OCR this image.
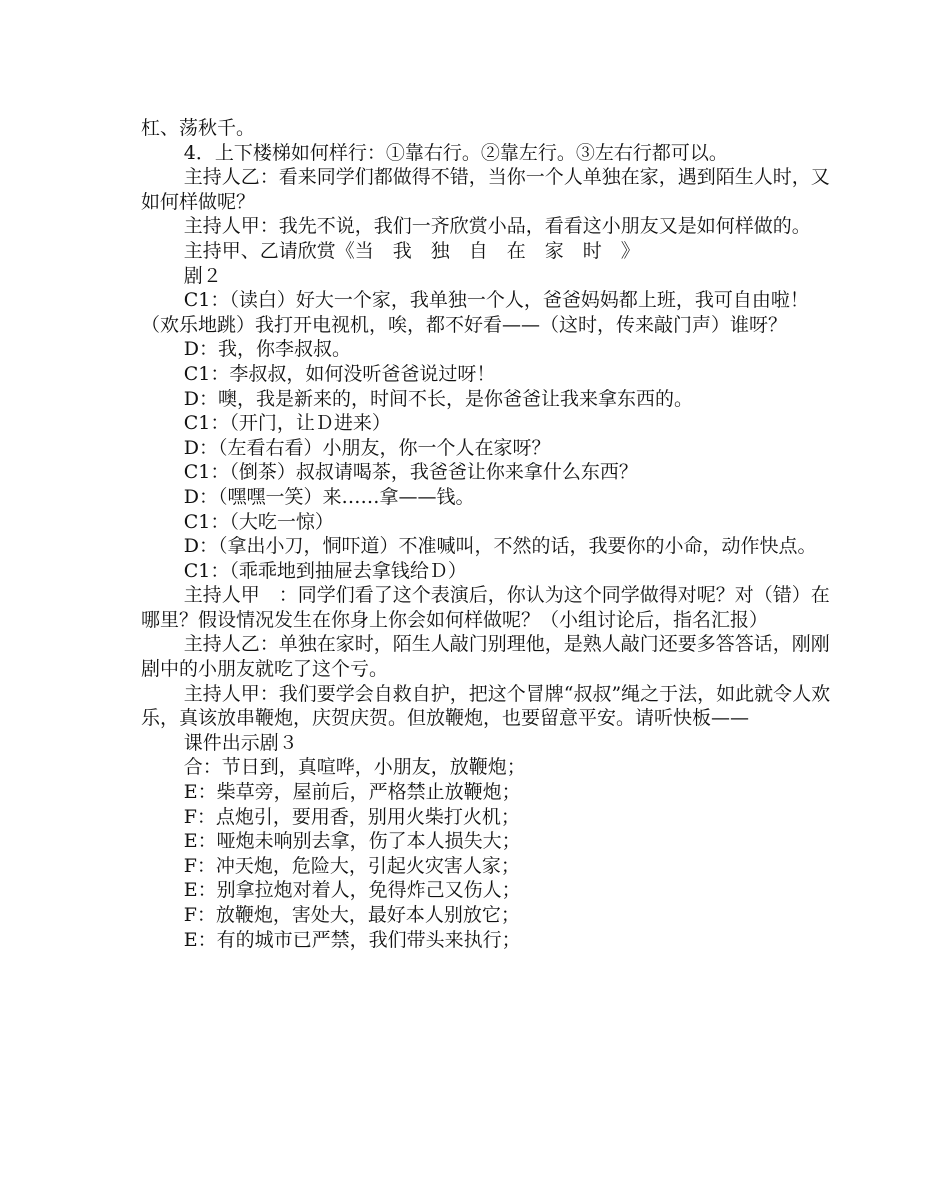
杠、荡秋千。

4．上下楼梯如何样行：①靠右行。②靠左行。③左右行都可以。

主持人乙：看来同学们都做得不错，当你一个人单独在家，遇到陌生人时，又如何样做呢？

主持人甲：我先不说，我们一齐欣赏小品，看看这小朋友又是如何样做的。

主持甲、乙请欣赏《当　我　独　自　在　家　时　》

剧２

C1：（读白）好大一个家，我单独一个人，爸爸妈妈都上班，我可自由啦！（欢乐地跳）我打开电视机，唉，都不好看——（这时，传来敲门声）谁呀？

D：我，你李叔叔。

C1：李叔叔，如何没听爸爸说过呀！

D：噢，我是新来的，时间不长，是你爸爸让我来拿东西的。

C1：（开门，让Ｄ进来）

D：（左看右看）小朋友，你一个人在家呀？

C1：（倒茶）叔叔请喝茶，我爸爸让你来拿什么东西？

D：（嘿嘿一笑）来……拿——钱。

C1：（大吃一惊）

D：（拿出小刀，恫吓道）不准喊叫，不然的话，我要你的小命，动作快点。

C1：（乖乖地到抽屉去拿钱给Ｄ）

主持人甲　：同学们看了这个表演后，你认为这个同学做得对呢？对（错）在哪里？假设情况发生在你身上你会如何样做呢？（小组讨论后，指名汇报）

主持人乙：单独在家时，陌生人敲门别理他，是熟人敲门还要多答答话，刚刚剧中的小朋友就吃了这个亏。

主持人甲：我们要学会自救自护，把这个冒牌“叔叔”绳之于法，如此就令人欢乐，真该放串鞭炮，庆贺庆贺。但放鞭炮，也要留意平安。请听快板——

课件出示剧３

合：节日到，真喧哗，小朋友，放鞭炮；

E：柴草旁，屋前后，严格禁止放鞭炮；

F：点炮引，要用香，别用火柴打火机；

E：哑炮未响别去拿，伤了本人损失大；

F：冲天炮，危险大，引起火灾害人家；

E：别拿拉炮对着人，免得炸己又伤人；

F：放鞭炮，害处大，最好本人别放它；

E：有的城市已严禁，我们带头来执行；
